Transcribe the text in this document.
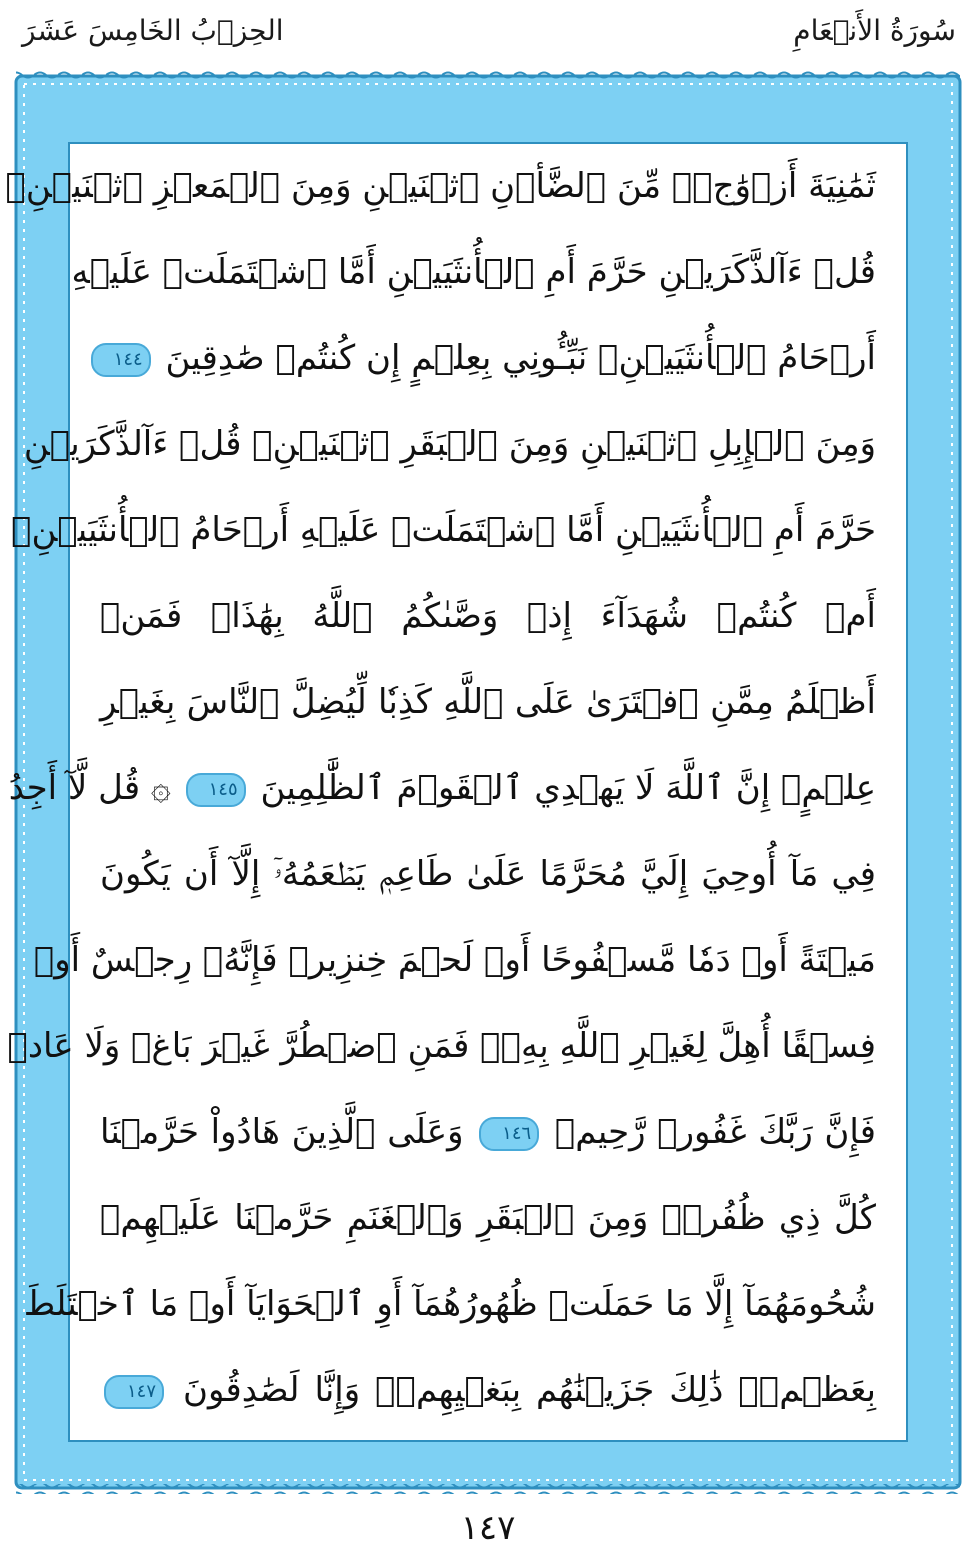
سُورَةُ الأَنۡعَامِ
الحِزۡبُ الخَامِسَ عَشَرَ
ثَمَٰنِيَةَ أَزۡوَٰجٖۖ مِّنَ ٱلضَّأۡنِ ٱثۡنَيۡنِ وَمِنَ ٱلۡمَعۡزِ ٱثۡنَيۡنِۗ
قُلۡ ءَآلذَّكَرَيۡنِ حَرَّمَ أَمِ ٱلۡأُنثَيَيۡنِ أَمَّا ٱشۡتَمَلَتۡ عَلَيۡهِ
أَرۡحَامُ ٱلۡأُنثَيَيۡنِۖ نَبِّـُٔونِي بِعِلۡمٍ إِن كُنتُمۡ صَٰدِقِينَ ١٤٤
وَمِنَ ٱلۡإِبِلِ ٱثۡنَيۡنِ وَمِنَ ٱلۡبَقَرِ ٱثۡنَيۡنِۗ قُلۡ ءَآلذَّكَرَيۡنِ
حَرَّمَ أَمِ ٱلۡأُنثَيَيۡنِ أَمَّا ٱشۡتَمَلَتۡ عَلَيۡهِ أَرۡحَامُ ٱلۡأُنثَيَيۡنِۖ
أَمۡ كُنتُمۡ شُهَدَآءَ إِذۡ وَصَّىٰكُمُ ٱللَّهُ بِهَٰذَاۚ فَمَنۡ
أَظۡلَمُ مِمَّنِ ٱفۡتَرَىٰ عَلَى ٱللَّهِ كَذِبٗا لِّيُضِلَّ ٱلنَّاسَ بِغَيۡرِ
عِلۡمٍۚ إِنَّ ٱللَّهَ لَا يَهۡدِي ٱلۡقَوۡمَ ٱلظَّٰلِمِينَ ١٤٥ ۞ قُل لَّآ أَجِدُ
فِي مَآ أُوحِيَ إِلَيَّ مُحَرَّمًا عَلَىٰ طَاعِمٖ يَطۡعَمُهُۥٓ إِلَّآ أَن يَكُونَ
مَيۡتَةً أَوۡ دَمٗا مَّسۡفُوحًا أَوۡ لَحۡمَ خِنزِيرٖ فَإِنَّهُۥ رِجۡسٌ أَوۡ
فِسۡقًا أُهِلَّ لِغَيۡرِ ٱللَّهِ بِهِۦۚ فَمَنِ ٱضۡطُرَّ غَيۡرَ بَاغٖ وَلَا عَادٖ
فَإِنَّ رَبَّكَ غَفُورٞ رَّحِيمٞ ١٤٦ وَعَلَى ٱلَّذِينَ هَادُواْ حَرَّمۡنَا
كُلَّ ذِي ظُفُرٖۖ وَمِنَ ٱلۡبَقَرِ وَٱلۡغَنَمِ حَرَّمۡنَا عَلَيۡهِمۡ
شُحُومَهُمَآ إِلَّا مَا حَمَلَتۡ ظُهُورُهُمَآ أَوِ ٱلۡحَوَايَآ أَوۡ مَا ٱخۡتَلَطَ
بِعَظۡمٖۚ ذَٰلِكَ جَزَيۡنَٰهُم بِبَغۡيِهِمۡۖ وَإِنَّا لَصَٰدِقُونَ ١٤٧
١٤٧
